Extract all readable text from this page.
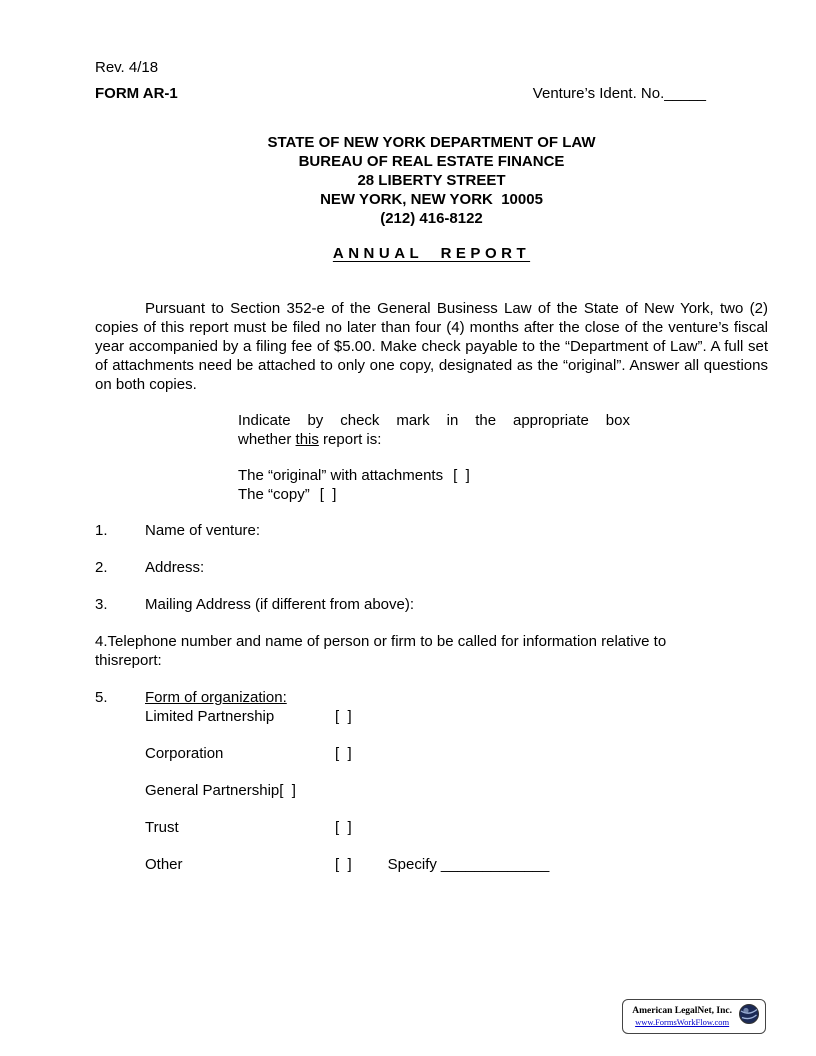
Rev. 4/18
FORM AR-1	Venture’s Ident. No._____
STATE OF NEW YORK DEPARTMENT OF LAW
BUREAU OF REAL ESTATE FINANCE
28 LIBERTY STREET
NEW YORK, NEW YORK  10005
(212) 416-8122
ANNUAL REPORT

Pursuant to Section 352-e of the General Business Law of the State of New York, two (2) copies of this report must be filed no later than four (4) months after the close of the venture’s fiscal year accompanied by a filing fee of $5.00. Make check payable to the “Department of Law”. A full set of attachments need be attached to only one copy, designated as the “original”. Answer all questions on both copies.

Indicate by check mark in the appropriate box
whether this report is:
The “original” with attachments [  ]
The “copy” [  ]
1.	Name of venture:
2.	Address:
3.	Mailing Address (if different from above):
4. Telephone number and name of person or firm to be called for information relative to
this report:
5.	Form of organization:
Limited Partnership	[  ]
Corporation	[  ]
General Partnership[  ]
Trust	[  ]
Other	[  ] Specify _____________
American LegalNet, Inc.
www.FormsWorkFlow.com
